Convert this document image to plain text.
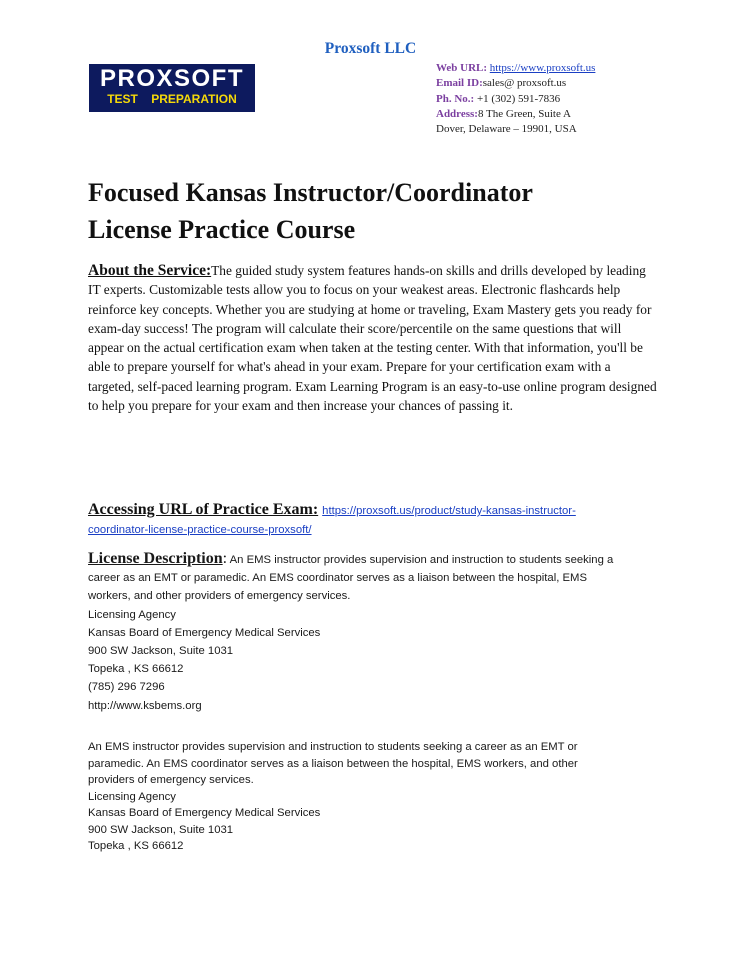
Proxsoft LLC
PROXSOFT
TEST PREPARATION
Web URL: https://www.proxsoft.us
Email ID:sales@ proxsoft.us
Ph. No.: +1 (302) 591-7836
Address:8 The Green, Suite A
Dover, Delaware – 19901, USA
Focused Kansas Instructor/Coordinator
License Practice Course
About the Service:The guided study system features hands-on skills and drills developed by leading IT experts. Customizable tests allow you to focus on your weakest areas. Electronic flashcards help reinforce key concepts. Whether you are studying at home or traveling, Exam Mastery gets you ready for exam-day success! The program will calculate their score/percentile on the same questions that will appear on the actual certification exam when taken at the testing center. With that information, you'll be able to prepare yourself for what's ahead in your exam. Prepare for your certification exam with a targeted, self-paced learning program. Exam Learning Program is an easy-to-use online program designed to help you prepare for your exam and then increase your chances of passing it.
Accessing URL of Practice Exam: https://proxsoft.us/product/study-kansas-instructor-
coordinator-license-practice-course-proxsoft/
License Description: An EMS instructor provides supervision and instruction to students seeking a
career as an EMT or paramedic. An EMS coordinator serves as a liaison between the hospital, EMS
workers, and other providers of emergency services.
Licensing Agency
Kansas Board of Emergency Medical Services
900 SW Jackson, Suite 1031
Topeka , KS 66612
(785) 296 7296
http://www.ksbems.org
An EMS instructor provides supervision and instruction to students seeking a career as an EMT or
paramedic. An EMS coordinator serves as a liaison between the hospital, EMS workers, and other
providers of emergency services.
Licensing Agency
Kansas Board of Emergency Medical Services
900 SW Jackson, Suite 1031
Topeka , KS 66612
